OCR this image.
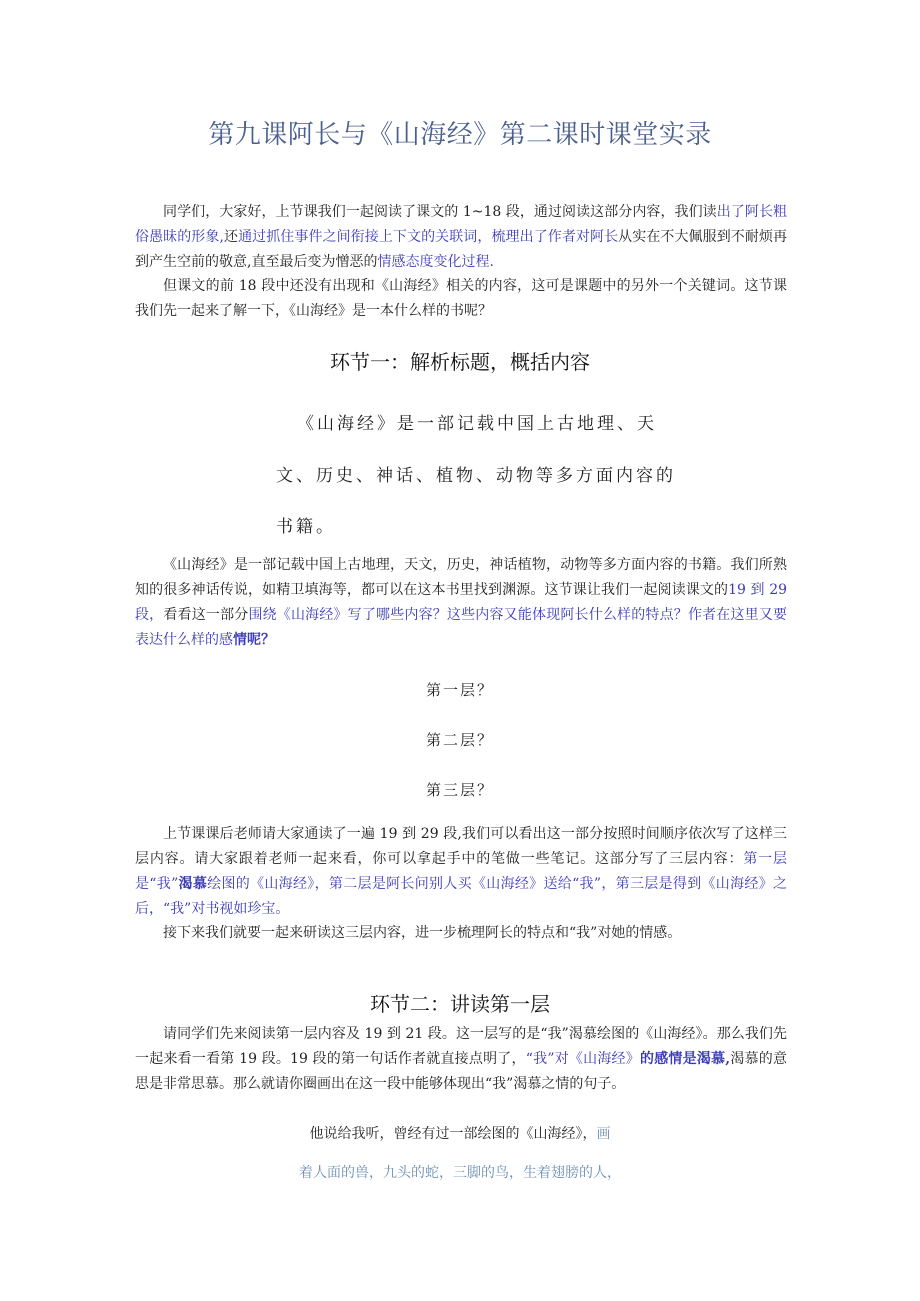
第九课阿长与《山海经》第二课时课堂实录

同学们，大家好，上节课我们一起阅读了课文的 1~18 段，通过阅读这部分内容，我们读出了阿长粗俗愚昧的形象,还通过抓住事件之间衔接上下文的关联词，梳理出了作者对阿长从实在不大佩服到不耐烦再到产生空前的敬意,直至最后变为憎恶的情感态度变化过程.

但课文的前 18 段中还没有出现和《山海经》相关的内容，这可是课题中的另外一个关键词。这节课我们先一起来了解一下，《山海经》是一本什么样的书呢？

环节一：解析标题，概括内容

《山海经》是一部记载中国上古地理、天

文、历史、神话、植物、动物等多方面内容的

书籍。

《山海经》是一部记载中国上古地理，天文，历史，神话植物，动物等多方面内容的书籍。我们所熟知的很多神话传说，如精卫填海等，都可以在这本书里找到渊源。这节课让我们一起阅读课文的19 到 29 段，看看这一部分围绕《山海经》写了哪些内容？这些内容又能体现阿长什么样的特点？作者在这里又要表达什么样的感情呢？

第一层？

第二层？

第三层？

上节课课后老师请大家通读了一遍 19 到 29 段,我们可以看出这一部分按照时间顺序依次写了这样三层内容。请大家跟着老师一起来看，你可以拿起手中的笔做一些笔记。这部分写了三层内容：第一层是“我”渴慕绘图的《山海经》，第二层是阿长问别人买《山海经》送给“我”，第三层是得到《山海经》之后，“我”对书视如珍宝。

接下来我们就要一起来研读这三层内容，进一步梳理阿长的特点和“我”对她的情感。

环节二：讲读第一层

请同学们先来阅读第一层内容及 19 到 21 段。这一层写的是“我”渴慕绘图的《山海经》。那么我们先一起来看一看第 19 段。19 段的第一句话作者就直接点明了，“我”对《山海经》的感情是渴慕,渴慕的意思是非常思慕。那么就请你圈画出在这一段中能够体现出“我”渴慕之情的句子。

他说给我听，曾经有过一部绘图的《山海经》，画

着人面的兽，九头的蛇，三脚的鸟，生着翅膀的人，
